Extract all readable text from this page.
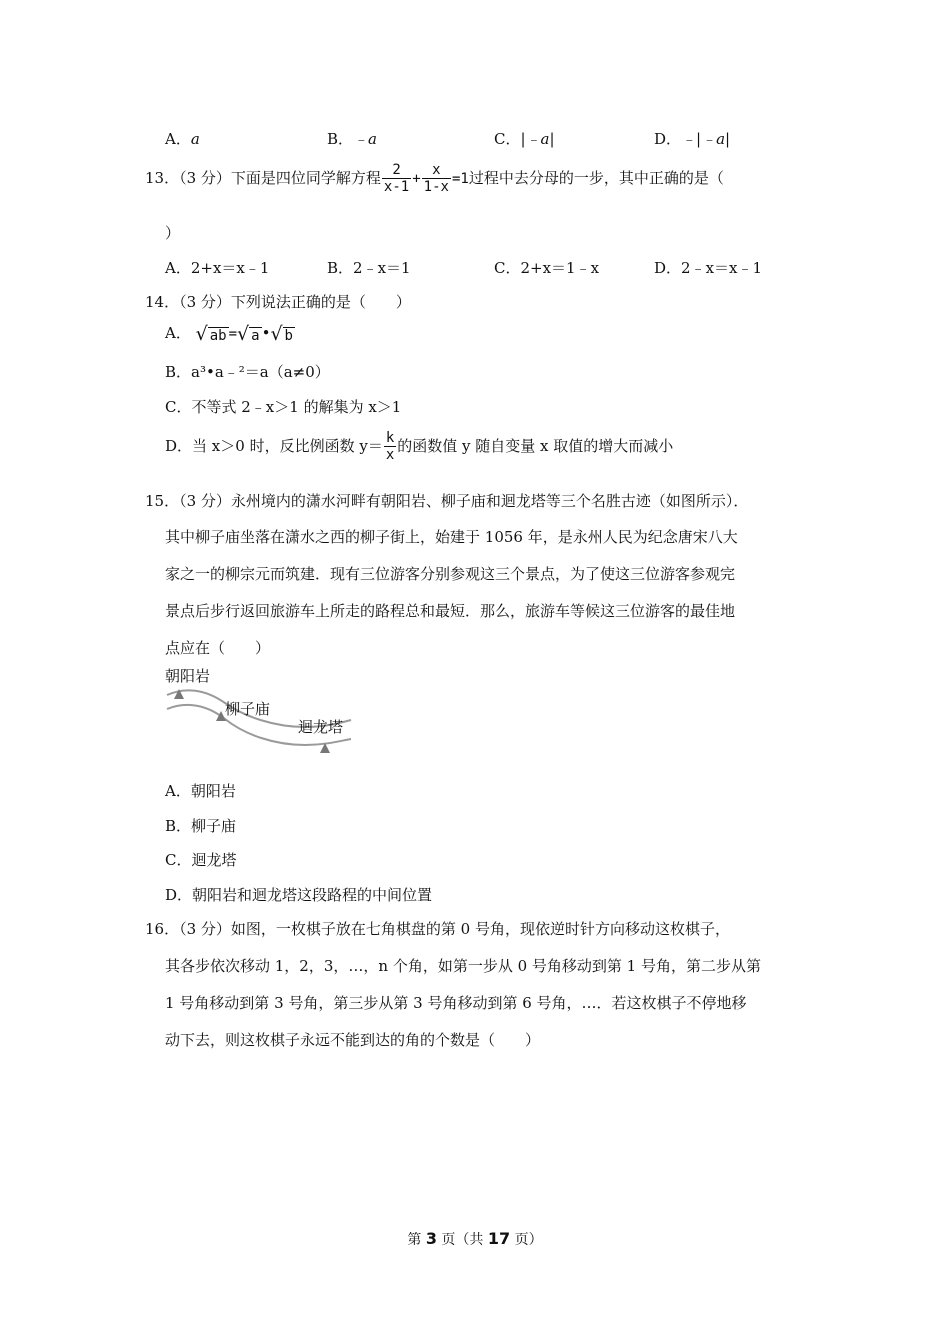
A．a	B．﹣a	C．|﹣a|	D．﹣|﹣a|
13．（3 分）下面是四位同学解方程 $\frac{2}{x-1} + \frac{x}{1-x} =1$过程中去分母的一步，其中正确的是（
）
A．2+x＝x﹣1	B．2﹣x＝1	C．2+x＝1﹣x	D．2﹣x＝x﹣1
14．（3 分）下列说法正确的是（　　）
A． √ ab = √ a • √ b
B．a³•a﹣²＝a（a≠0）
C．不等式 2﹣x＞1 的解集为 x＞1
D．当 x＞0 时，反比例函数 $y= \frac{k}{x}$ 的函数值 y 随自变量 x 取值的增大而减小
15．（3 分）永州境内的潇水河畔有朝阳岩、柳子庙和迴龙塔等三个名胜古迹（如图所示）．
其中柳子庙坐落在潇水之西的柳子街上，始建于 1056 年，是永州人民为纪念唐宋八大
家之一的柳宗元而筑建．现有三位游客分别参观这三个景点，为了使这三位游客参观完
景点后步行返回旅游车上所走的路程总和最短．那么，旅游车等候这三位游客的最佳地
点应在（　　）
朝阳岩
柳子庙
迴龙塔
A．朝阳岩
B．柳子庙
C．迴龙塔
D．朝阳岩和迴龙塔这段路程的中间位置
16．（3 分）如图，一枚棋子放在七角棋盘的第 0 号角，现依逆时针方向移动这枚棋子，
其各步依次移动 1，2，3，…，n 个角，如第一步从 0 号角移动到第 1 号角，第二步从第
1 号角移动到第 3 号角，第三步从第 3 号角移动到第 6 号角，…．若这枚棋子不停地移
动下去，则这枚棋子永远不能到达的角的个数是（　　）
第 3 页（共 17 页）
